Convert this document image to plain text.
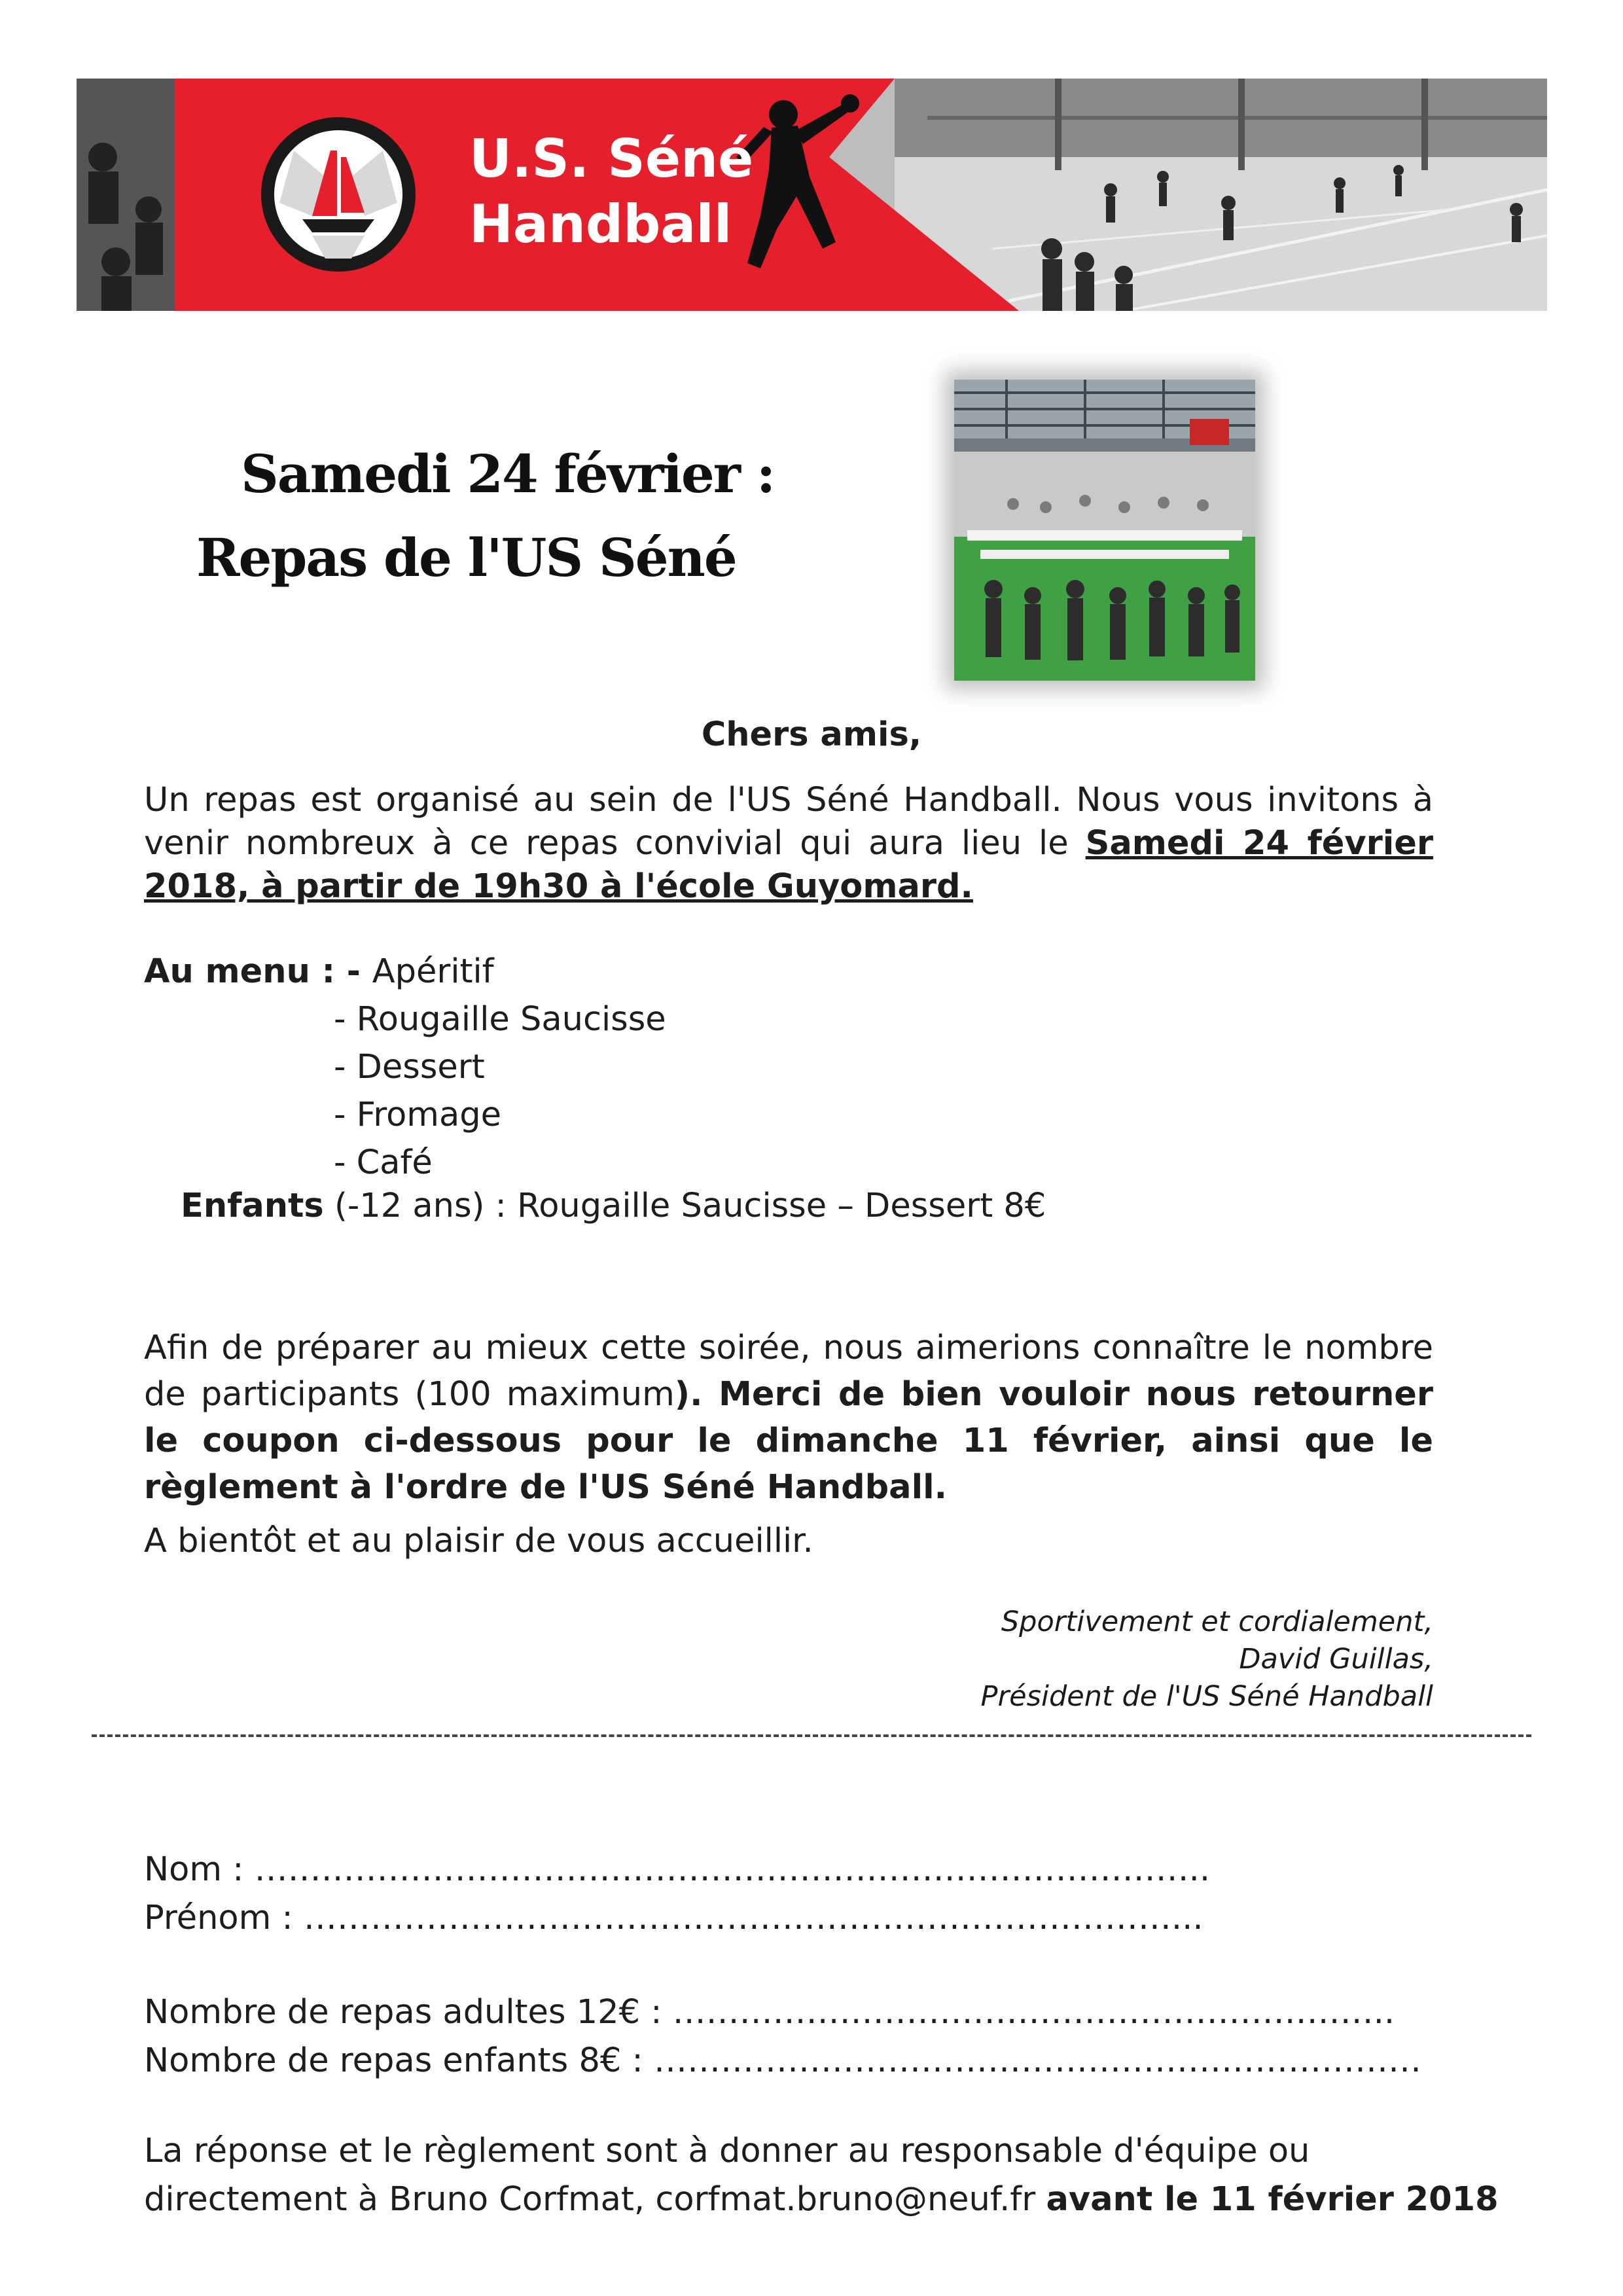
U.S. Séné
Handball
Samedi 24 février :
Repas de l'US Séné
Chers amis,
Un repas est organisé au sein de l'US Séné Handball. Nous vous invitons à venir nombreux à ce repas convivial qui aura lieu le Samedi 24 février 2018, à partir de 19h30 à l'école Guyomard.
Au menu : - Apéritif
- Rougaille Saucisse
- Dessert
- Fromage
- Café
Enfants (-12 ans) : Rougaille Saucisse – Dessert 8€
Afin de préparer au mieux cette soirée, nous aimerions connaître le nombre de participants (100 maximum). Merci de bien vouloir nous retourner le coupon ci-dessous pour le dimanche 11 février, ainsi que le règlement à l'ordre de l'US Séné Handball.
A bientôt et au plaisir de vous accueillir.
Sportivement et cordialement,
David Guillas,
Président de l'US Séné Handball
Nom : …………………………………………………………………………..
Prénom : ……………………………………………………………………...
Nombre de repas adultes 12€ : ………………………………………………………..
Nombre de repas enfants 8€ : ……………………………………………………………
La réponse et le règlement sont à donner au responsable d'équipe ou directement à Bruno Corfmat, corfmat.bruno@neuf.fr avant le 11 février 2018
